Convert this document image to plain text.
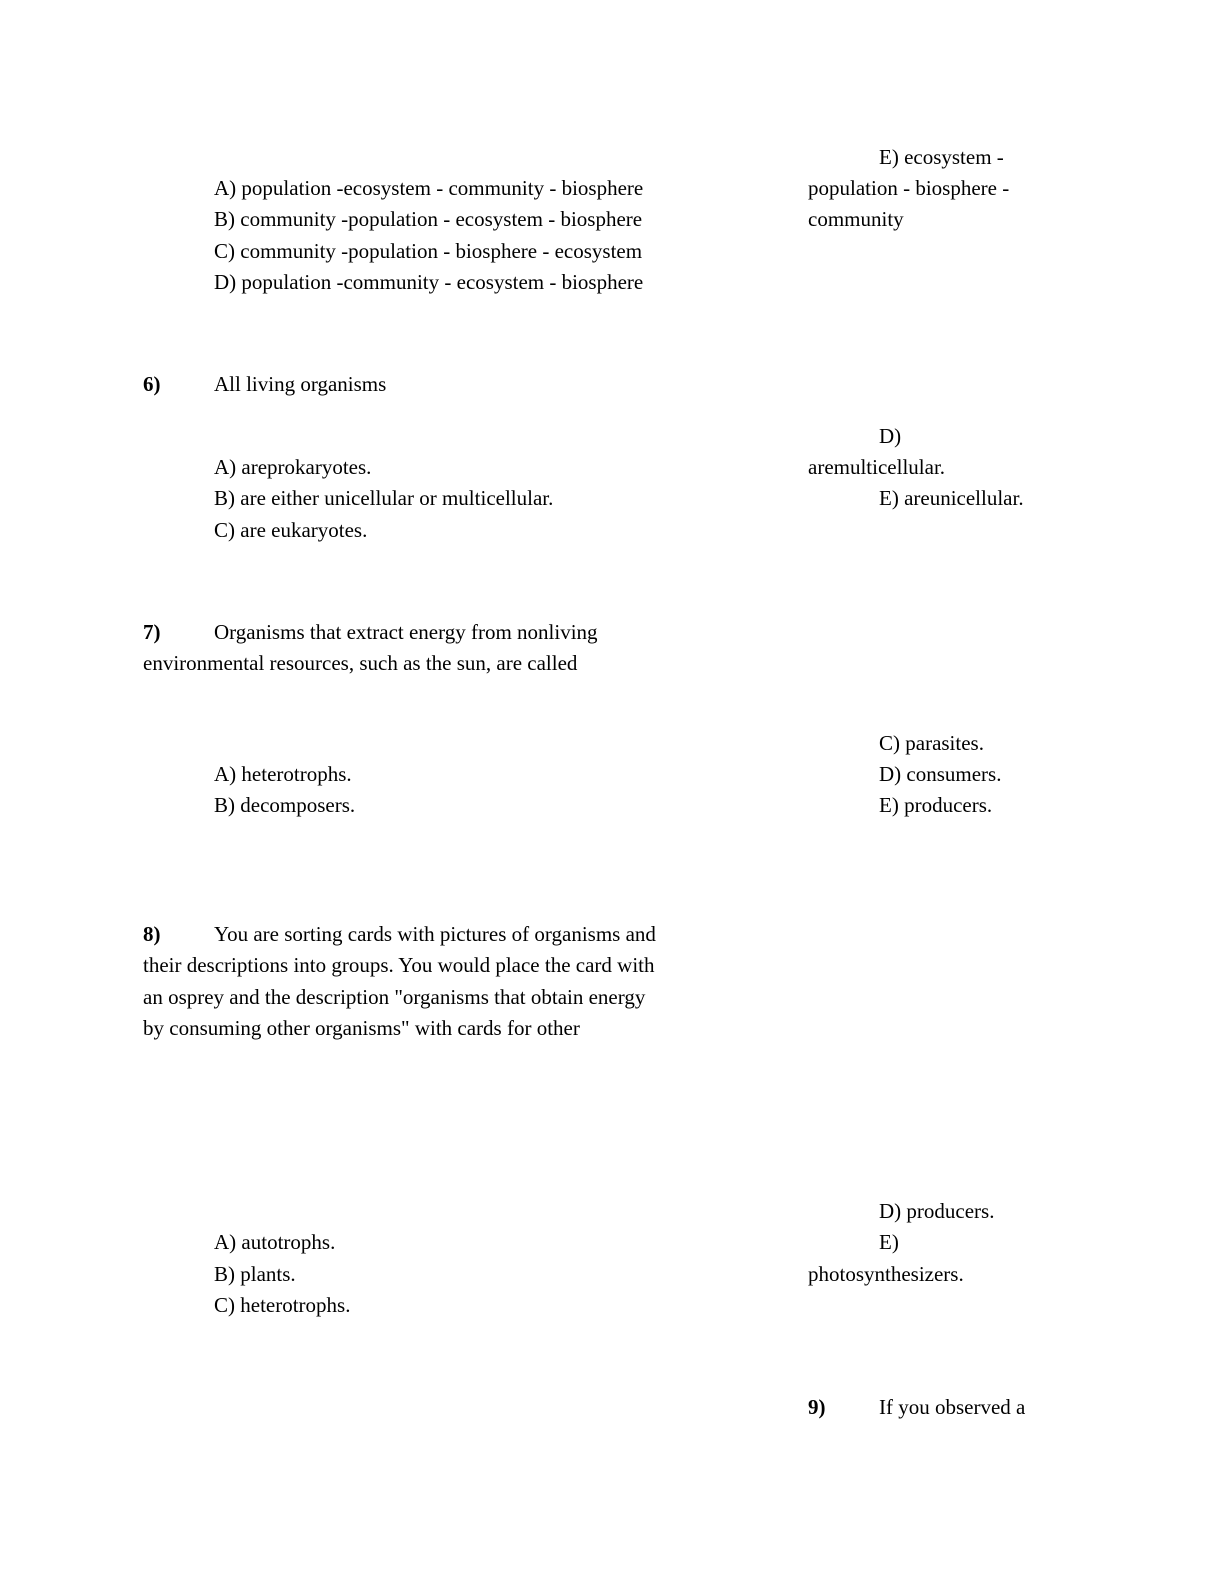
A) population -ecosystem - community - biosphere
B) community -population - ecosystem - biosphere
C) community -population - biosphere - ecosystem
D) population -community - ecosystem - biosphere
E) ecosystem -
population - biosphere -
community
6)	All living organisms
A) areprokaryotes.
B) are either unicellular or multicellular.
C) are eukaryotes.
D)
aremulticellular.
E) areunicellular.
7)	Organisms that extract energy from nonliving
environmental resources, such as the sun, are called
A) heterotrophs.
B) decomposers.
C) parasites.
D) consumers.
E) producers.
8)	You are sorting cards with pictures of organisms and
their descriptions into groups. You would place the card with
an osprey and the description "organisms that obtain energy
by consuming other organisms" with cards for other
A) autotrophs.
B) plants.
C) heterotrophs.
D) producers.
E)
photosynthesizers.
9)	If you observed a
